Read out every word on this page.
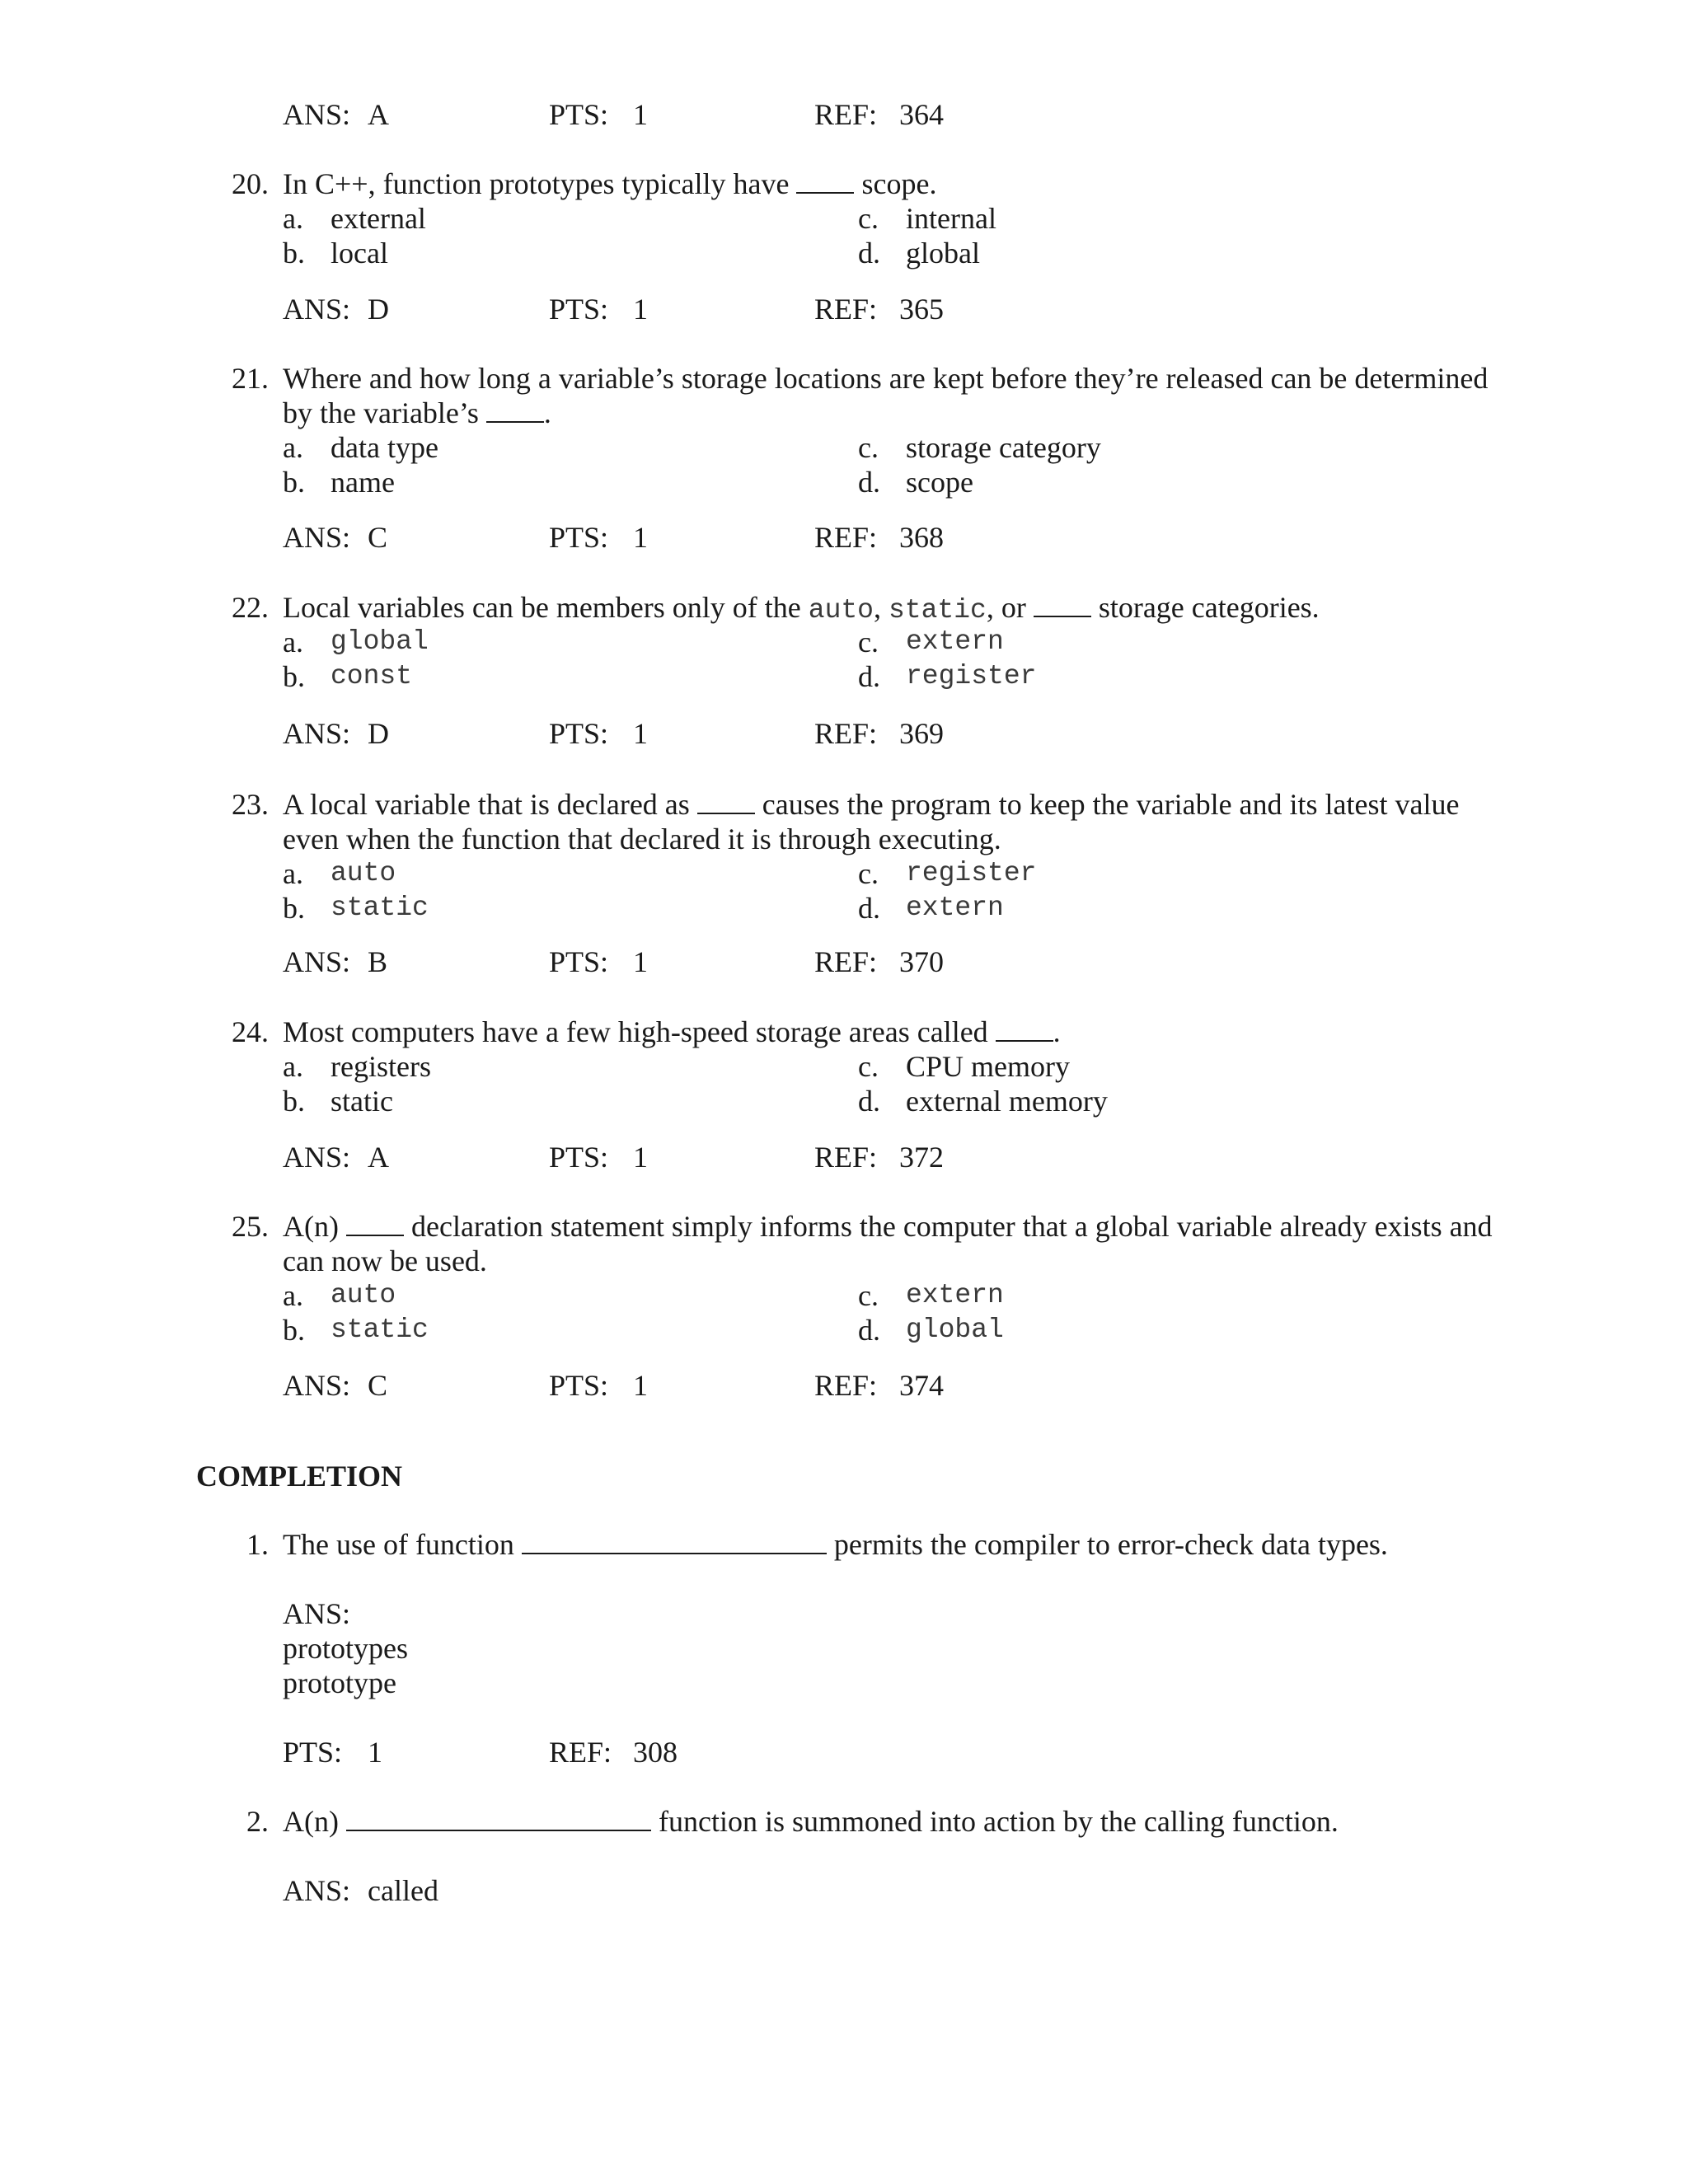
ANS: A	PTS: 1	REF: 364
20. In C++, function prototypes typically have scope.
a. external
b. local
c. internal
d. global
ANS: D	PTS: 1	REF: 365
21. Where and how long a variable’s storage locations are kept before they’re released can be determined
by the variable’s .
a. data type
b. name
c. storage category
d. scope
ANS: C	PTS: 1	REF: 368
22. Local variables can be members only of the auto, static, or storage categories.
a. global
b. const
c. extern
d. register
ANS: D	PTS: 1	REF: 369
23. A local variable that is declared as causes the program to keep the variable and its latest value
even when the function that declared it is through executing.
a. auto
b. static
c. register
d. extern
ANS: B	PTS: 1	REF: 370
24. Most computers have a few high-speed storage areas called .
a. registers
b. static
c. CPU memory
d. external memory
ANS: A	PTS: 1	REF: 372
25. A(n) declaration statement simply informs the computer that a global variable already exists and
can now be used.
a. auto
b. static
c. extern
d. global
ANS: C	PTS: 1	REF: 374
COMPLETION
1. The use of function	permits the compiler to error-check data types.
ANS:
prototypes
prototype
PTS: 1	REF: 308
2. A(n)	function is summoned into action by the calling function.
ANS: called
